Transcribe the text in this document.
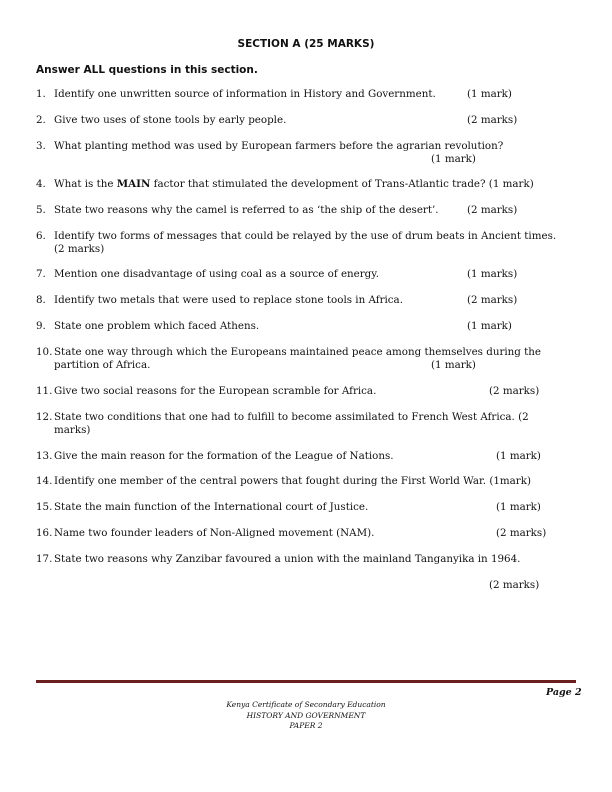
SECTION A (25 MARKS)
Answer ALL questions in this section.
1. Identify one unwritten source of information in History and Government.	(1 mark)
2. Give two uses of stone tools by early people.	(2 marks)
3. What planting method was used by European farmers before the agrarian revolution?
(1 mark)
4. What is the MAIN factor that stimulated the development of Trans-Atlantic trade? (1 mark)
5. State two reasons why the camel is referred to as ‘the ship of the desert’.	(2 marks)
6. Identify two forms of messages that could be relayed by the use of drum beats in Ancient times.
(2 marks)
7. Mention one disadvantage of using coal as a source of energy.	(1 marks)
8. Identify two metals that were used to replace stone tools in Africa.	(2 marks)
9. State one problem which faced Athens.	(1 mark)
10. State one way through which the Europeans maintained peace among themselves during the
partition of Africa.	(1 mark)
11. Give two social reasons for the European scramble for Africa.	(2 marks)
12. State two conditions that one had to fulfill to become assimilated to French West Africa. (2
marks)
13. Give the main reason for the formation of the League of Nations.	(1 mark)
14. Identify one member of the central powers that fought during the First World War. (1mark)
15. State the main function of the International court of Justice.	(1 mark)
16. Name two founder leaders of Non-Aligned movement (NAM).	(2 marks)
17. State two reasons why Zanzibar favoured a union with the mainland Tanganyika in 1964.
(2 marks)
Page 2
Kenya Certificate of Secondary Education
HISTORY AND GOVERNMENT
PAPER 2
